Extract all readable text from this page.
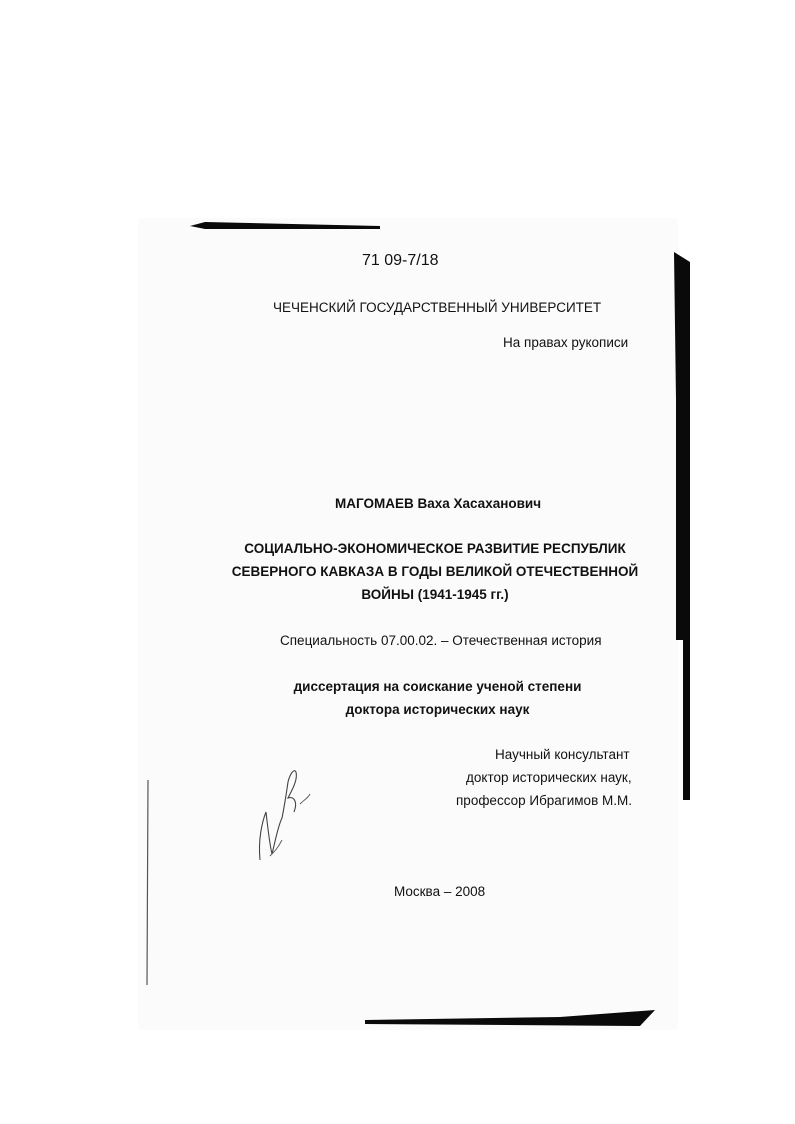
71 09-7/18
ЧЕЧЕНСКИЙ ГОСУДАРСТВЕННЫЙ УНИВЕРСИТЕТ
На правах рукописи
МАГОМАЕВ Ваха Хасаханович
СОЦИАЛЬНО-ЭКОНОМИЧЕСКОЕ РАЗВИТИЕ РЕСПУБЛИК
СЕВЕРНОГО КАВКАЗА В ГОДЫ ВЕЛИКОЙ ОТЕЧЕСТВЕННОЙ
ВОЙНЫ (1941-1945 гг.)
Специальность 07.00.02. – Отечественная история
диссертация на соискание ученой степени
доктора исторических наук
Научный консультант
доктор исторических наук,
профессор Ибрагимов М.М.
Москва – 2008
